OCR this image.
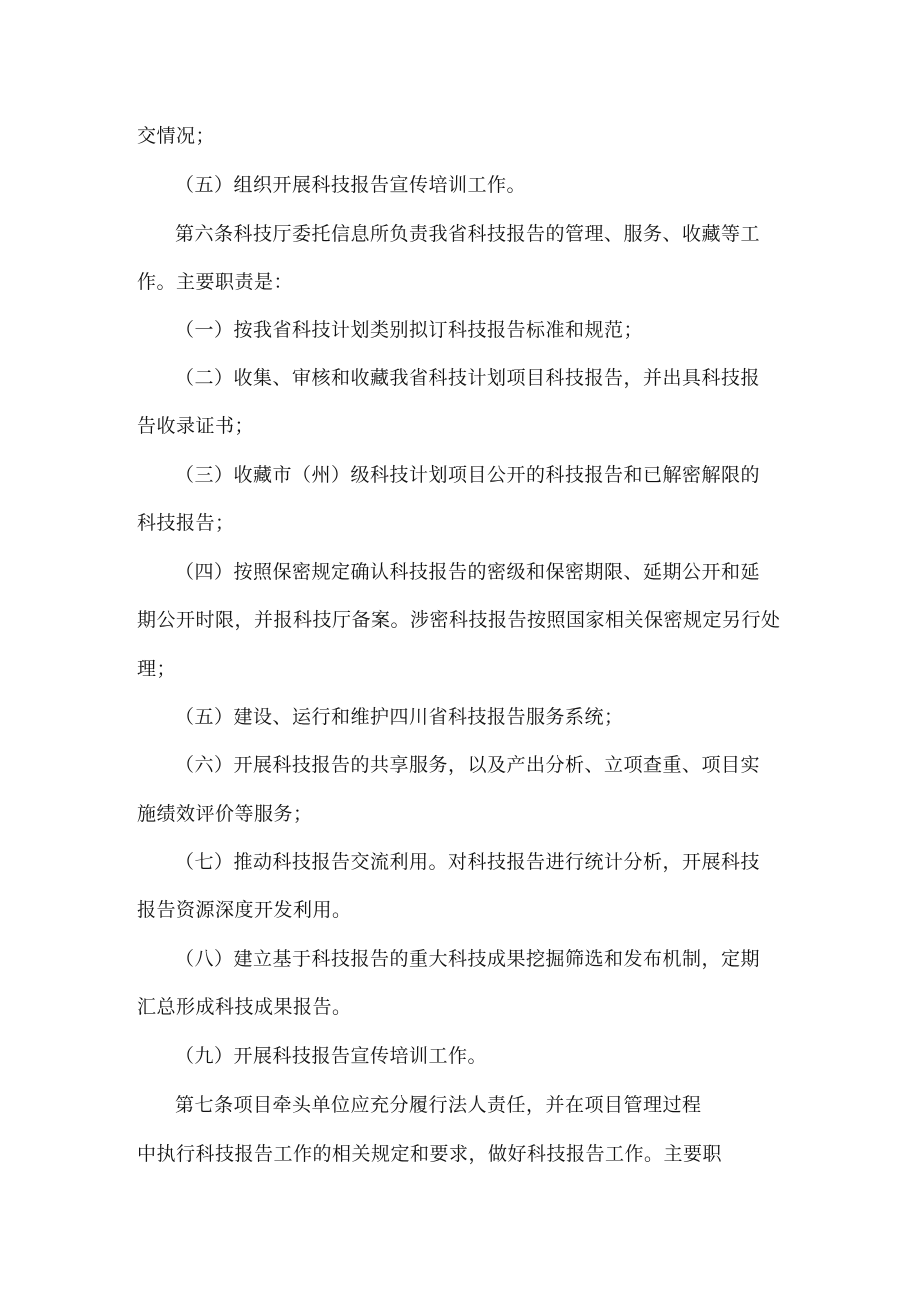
交情况；
（五）组织开展科技报告宣传培训工作。
第六条科技厅委托信息所负责我省科技报告的管理、服务、收藏等工
作。主要职责是：
（一）按我省科技计划类别拟订科技报告标准和规范；
（二）收集、审核和收藏我省科技计划项目科技报告，并出具科技报
告收录证书；
（三）收藏市（州）级科技计划项目公开的科技报告和已解密解限的
科技报告；
（四）按照保密规定确认科技报告的密级和保密期限、延期公开和延
期公开时限，并报科技厅备案。涉密科技报告按照国家相关保密规定另行处
理；
（五）建设、运行和维护四川省科技报告服务系统；
（六）开展科技报告的共享服务，以及产出分析、立项查重、项目实
施绩效评价等服务；
（七）推动科技报告交流利用。对科技报告进行统计分析，开展科技
报告资源深度开发利用。
（八）建立基于科技报告的重大科技成果挖掘筛选和发布机制，定期
汇总形成科技成果报告。
（九）开展科技报告宣传培训工作。
第七条项目牵头单位应充分履行法人责任，并在项目管理过程
中执行科技报告工作的相关规定和要求，做好科技报告工作。主要职
